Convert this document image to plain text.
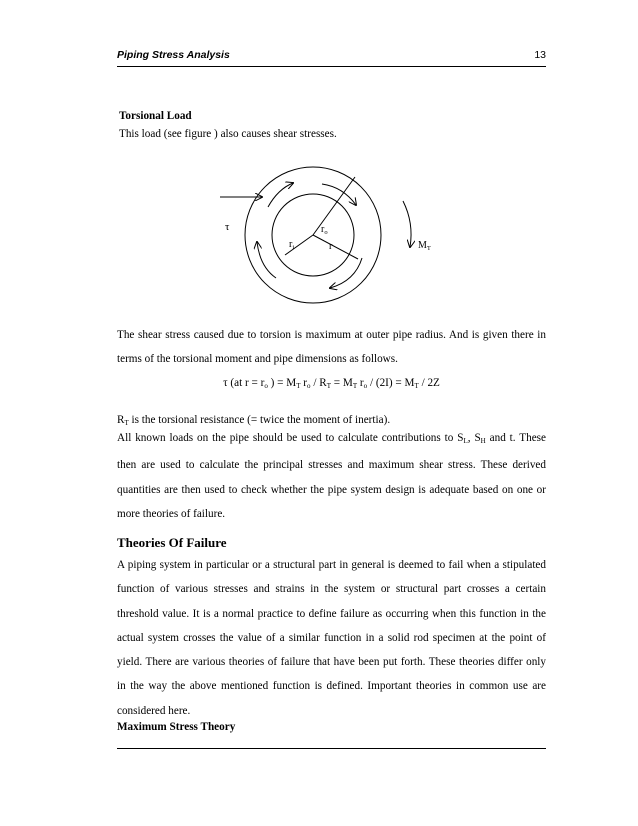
Piping Stress Analysis	13
Torsional Load
This load (see figure ) also causes shear stresses.
τ	$r_o$
$r_i$	r	$M_T$
The shear stress caused due to torsion is maximum at outer pipe radius. And is given there in terms of the torsional moment and pipe dimensions as follows.
τ (at $r = r_o$ ) = $M_T$ $r_o / R_T = M_T$ $r_o / (2I) = M_T / 2Z$
$R_T$ is the torsional resistance (= twice the moment of inertia).
All known loads on the pipe should be used to calculate contributions to $S_L$, $S_H$ and t. These then are used to calculate the principal stresses and maximum shear stress. These derived quantities are then used to check whether the pipe system design is adequate based on one or more theories of failure.
Theories Of Failure
A piping system in particular or a structural part in general is deemed to fail when a stipulated function of various stresses and strains in the system or structural part crosses a certain threshold value. It is a normal practice to define failure as occurring when this function in the actual system crosses the value of a similar function in a solid rod specimen at the point of yield. There are various theories of failure that have been put forth. These theories differ only in the way the above mentioned function is defined. Important theories in common use are considered here.
Maximum Stress Theory
